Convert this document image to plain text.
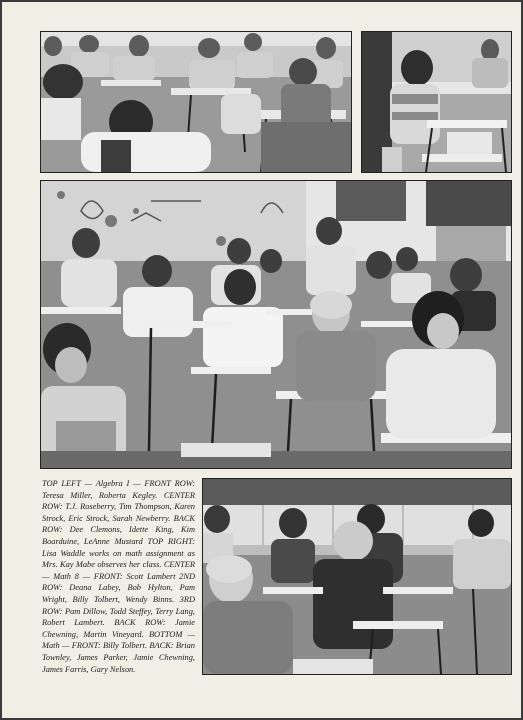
TOP LEFT — Algebra I — FRONT ROW: Teresa Miller, Roberta Kegley. CENTER ROW: T.J. Roseberry, Tim Thompson, Karen Strock, Eric Strock, Sarah Newberry. BACK ROW: Dee Clemons, Idette King, Kim Boarduine, LeAnne Mustard TOP RIGHT: Lisa Waddle works on math assignment as Mrs. Kay Mabe observes her class. CENTER — Math 8 — FRONT: Scott Lambert 2ND ROW: Deana Labey, Bob Hylton, Pam Wright, Billy Tolbert, Wendy Binns. 3RD ROW: Pam Dillow, Todd Steffey, Terry Lang, Robert Lambert. BACK ROW: Jamie Chewning, Martin Vineyard. BOTTOM — Math — FRONT: Billy Tolbert. BACK: Brian Townley, James Parker, Jamie Chewning, James Farris, Gary Nelson.
